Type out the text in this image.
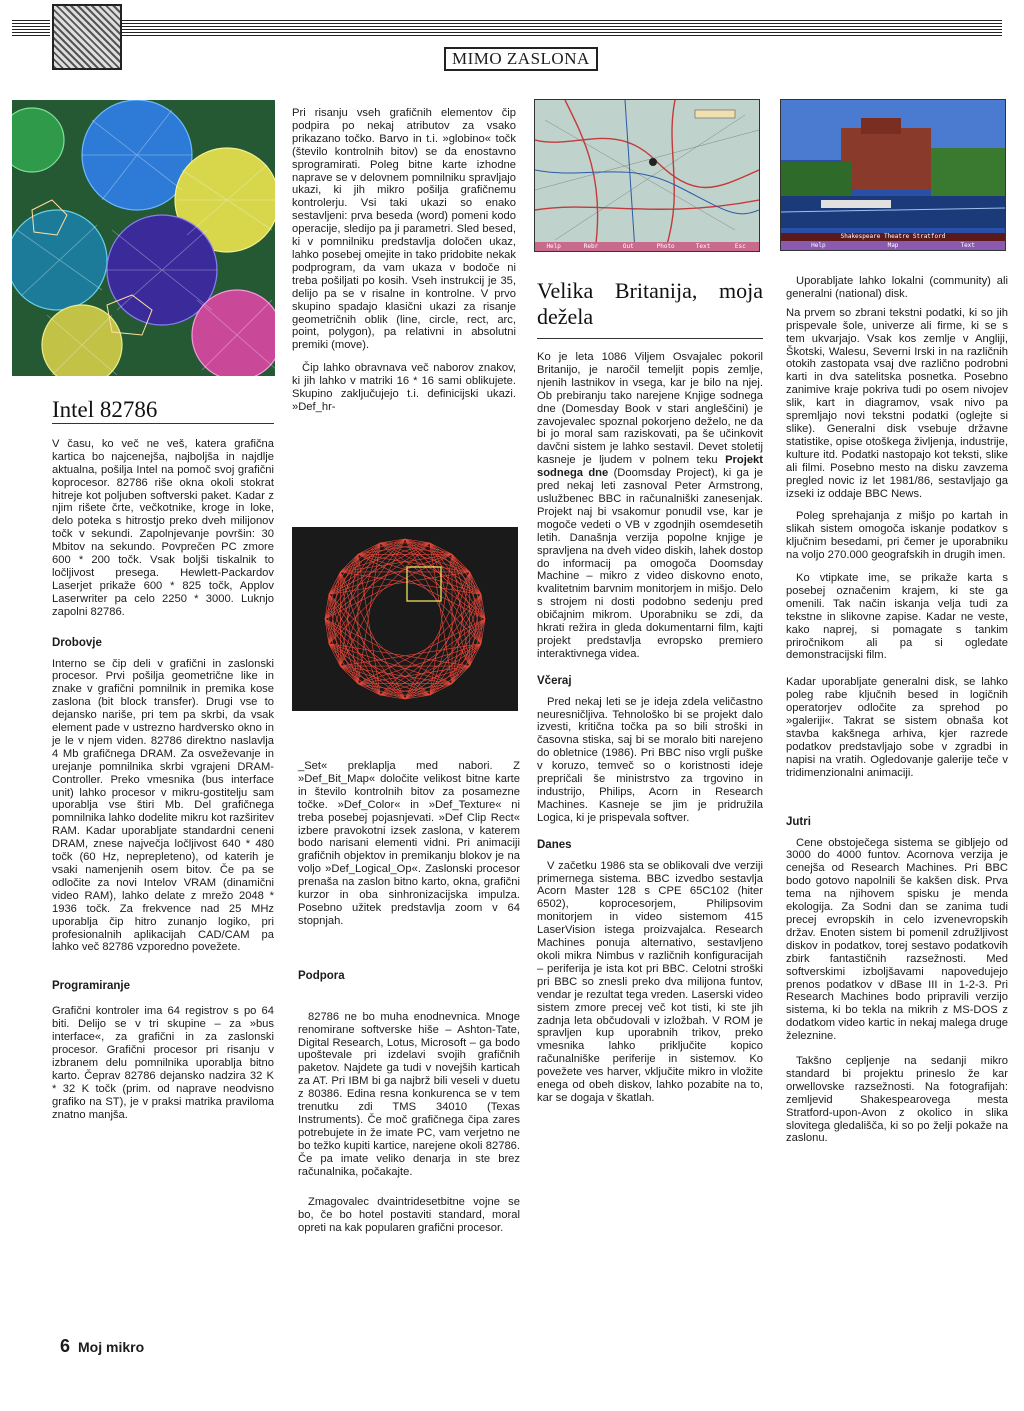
MIMO ZASLONA
Intel 82786

V času, ko več ne veš, katera grafična kartica bo najcenejša, najboljša in najdlje aktualna, pošilja Intel na pomoč svoj grafični koprocesor. 82786 riše okna okoli stokrat hitreje kot poljuben softverski paket. Kadar z njim rišete črte, večkotnike, kroge in loke, delo poteka s hitrostjo preko dveh milijonov točk v sekundi. Zapolnjevanje površin: 30 Mbitov na sekundo. Povprečen PC zmore 600 * 200 točk. Vsak boljši tiskalnik to ločljivost presega. Hewlett-Packardov Laserjet prikaže 600 * 825 točk, Applov Laserwriter pa celo 2250 * 3000. Luknjo zapolni 82786.

Drobovje

Interno se čip deli v grafični in zaslonski procesor. Prvi pošilja geometrične like in znake v grafični pomnilnik in premika kose zaslona (bit block transfer). Drugi vse to dejansko nariše, pri tem pa skrbi, da vsak element pade v ustrezno hardversko okno in je le v njem viden. 82786 direktno naslavlja 4 Mb grafičnega DRAM. Za osveževanje in urejanje pomnilnika skrbi vgrajeni DRAM-Controller. Preko vmesnika (bus interface unit) lahko procesor v mikru-gostitelju sam uporablja vse štiri Mb. Del grafičnega pomnilnika lahko dodelite mikru kot razširitev RAM. Kadar uporabljate standardni ceneni DRAM, znese največja ločljivost 640 * 480 točk (60 Hz, neprepleteno), od katerih je vsaki namenjenih osem bitov. Če pa se odločite za novi Intelov VRAM (dinamični video RAM), lahko delate z mrežo 2048 * 1936 točk. Za frekvence nad 25 MHz uporablja čip hitro zunanjo logiko, pri profesionalnih aplikacijah CAD/CAM pa lahko več 82786 vzporedno povežete.

Programiranje

Grafični kontroler ima 64 registrov s po 64 biti. Delijo se v tri skupine – za »bus interface«, za grafični in za zaslonski procesor. Grafični procesor pri risanju v izbranem delu pomnilnika uporablja bitno karto. Čeprav 82786 dejansko nadzira 32 K * 32 K točk (prim. od naprave neodvisno grafiko na ST), je v praksi matrika praviloma znatno manjša.

Pri risanju vseh grafičnih elementov čip podpira po nekaj atributov za vsako prikazano točko. Barvo in t.i. »globino« točk (število kontrolnih bitov) se da enostavno sprogramirati. Poleg bitne karte izhodne naprave se v delovnem pomnilniku spravljajo ukazi, ki jih mikro pošilja grafičnemu kontrolerju. Vsi taki ukazi so enako sestavljeni: prva beseda (word) pomeni kodo operacije, sledijo pa ji parametri. Sled besed, ki v pomnilniku predstavlja določen ukaz, lahko posebej omejite in tako pridobite nekak podprogram, da vam ukaza v bodoče ni treba pošiljati po kosih. Vseh instrukcij je 35, delijo pa se v risalne in kontrolne. V prvo skupino spadajo klasični ukazi za risanje geometričnih oblik (line, circle, rect, arc, point, polygon), pa relativni in absolutni premiki (move).

Čip lahko obravnava več naborov znakov, ki jih lahko v matriki 16 * 16 sami oblikujete. Skupino zaključujejo t.i. definicijski ukazi. »Def_hr-

_Set« preklaplja med nabori. Z »Def_Bit_Map« določite velikost bitne karte in število kontrolnih bitov za posamezne točke. »Def_Color« in »Def_Texture« ni treba posebej pojasnjevati. »Def Clip Rect« izbere pravokotni izsek zaslona, v katerem bodo narisani elementi vidni. Pri animaciji grafičnih objektov in premikanju blokov je na voljo »Def_Logical_Op«. Zaslonski procesor prenaša na zaslon bitno karto, okna, grafični kurzor in oba sinhronizacijska impulza. Posebno užitek predstavlja zoom v 64 stopnjah.

Podpora

82786 ne bo muha enodnevnica. Mnoge renomirane softverske hiše – Ashton-Tate, Digital Research, Lotus, Microsoft – ga bodo upoštevale pri izdelavi svojih grafičnih paketov. Najdete ga tudi v novejših karticah za AT. Pri IBM bi ga najbrž bili veseli v duetu z 80386. Edina resna konkurenca se v tem trenutku zdi TMS 34010 (Texas Instruments). Če moč grafičnega čipa zares potrebujete in že imate PC, vam verjetno ne bo težko kupiti kartice, narejene okoli 82786. Če pa imate veliko denarja in ste brez računalnika, počakajte.

Zmagovalec dvaintridesetbitne vojne se bo, če bo hotel postaviti standard, moral opreti na kak popularen grafični procesor.

Help	Rebr	Out	Photo	Text	Esc
Shakespeare Theatre Stratford
Help	Map	Text
Velika Britanija, moja dežela

Ko je leta 1086 Viljem Osvajalec pokoril Britanijo, je naročil temeljit popis zemlje, njenih lastnikov in vsega, kar je bilo na njej. Ob prebiranju tako narejene Knjige sodnega dne (Domesday Book v stari angleščini) je zavojevalec spoznal pokorjeno deželo, ne da bi jo moral sam raziskovati, pa še učinkovit davčni sistem je lahko sestavil. Devet stoletij kasneje je ljudem v polnem teku Projekt sodnega dne (Doomsday Project), ki ga je pred nekaj leti zasnoval Peter Armstrong, uslužbenec BBC in računalniški zanesenjak. Projekt naj bi vsakomur ponudil vse, kar je mogoče vedeti o VB v zgodnjih osemdesetih letih. Današnja verzija popolne knjige je spravljena na dveh video diskih, lahek dostop do informacij pa omogoča Doomsday Machine – mikro z video diskovno enoto, kvalitetnim barvnim monitorjem in mišjo. Delo s strojem ni dosti podobno sedenju pred običajnim mikrom. Uporabniku se zdi, da hkrati režira in gleda dokumentarni film, kajti projekt predstavlja evropsko premiero interaktivnega videa.

Včeraj

Pred nekaj leti se je ideja zdela veličastno neuresničljiva. Tehnološko bi se projekt dalo izvesti, kritična točka pa so bili stroški in časovna stiska, saj bi se moralo biti narejeno do obletnice (1986). Pri BBC niso vrgli puške v koruzo, temveč so o koristnosti ideje prepričali še ministrstvo za trgovino in industrijo, Philips, Acorn in Research Machines. Kasneje se jim je pridružila Logica, ki je prispevala softver.

Danes

V začetku 1986 sta se oblikovali dve verziji primernega sistema. BBC izvedbo sestavlja Acorn Master 128 s CPE 65C102 (hiter 6502), koprocesorjem, Philipsovim monitorjem in video sistemom 415 LaserVision istega proizvajalca. Research Machines ponuja alternativo, sestavljeno okoli mikra Nimbus v različnih konfiguracijah – periferija je ista kot pri BBC. Celotni stroški pri BBC so znesli preko dva milijona funtov, vendar je rezultat tega vreden. Laserski video sistem zmore precej več kot tisti, ki ste jih zadnja leta občudovali v izložbah. V ROM je spravljen kup uporabnih trikov, preko vmesnika lahko priključite kopico računalniške periferije in sistemov. Ko povežete ves harver, vključite mikro in vložite enega od obeh diskov, lahko pozabite na to, kar se dogaja v škatlah.

Uporabljate lahko lokalni (community) ali generalni (national) disk.

Na prvem so zbrani tekstni podatki, ki so jih prispevale šole, univerze ali firme, ki se s tem ukvarjajo. Vsak kos zemlje v Angliji, Škotski, Walesu, Severni Irski in na različnih otokih zastopata vsaj dve različno podrobni karti in dva satelitska posnetka. Posebno zanimive kraje pokriva tudi po osem nivojev slik, kart in diagramov, vsak nivo pa spremljajo novi tekstni podatki (oglejte si slike). Generalni disk vsebuje državne statistike, opise otoškega življenja, industrije, kulture itd. Podatki nastopajo kot teksti, slike ali filmi. Posebno mesto na disku zavzema pregled novic iz let 1981/86, sestavljajo ga izseki iz oddaje BBC News.

Poleg sprehajanja z mišjo po kartah in slikah sistem omogoča iskanje podatkov s ključnim besedami, pri čemer je uporabniku na voljo 270.000 geografskih in drugih imen.

Ko vtipkate ime, se prikaže karta s posebej označenim krajem, ki ste ga omenili. Tak način iskanja velja tudi za tekstne in slikovne zapise. Kadar ne veste, kako naprej, si pomagate s tankim priročnikom ali pa si ogledate demonstracijski film.

Kadar uporabljate generalni disk, se lahko poleg rabe ključnih besed in logičnih operatorjev odločite za sprehod po »galeriji«. Takrat se sistem obnaša kot stavba kakšnega arhiva, kjer razrede podatkov predstavljajo sobe v zgradbi in napisi na vratih. Ogledovanje galerije teče v tridimenzionalni animaciji.

Jutri

Cene obstoječega sistema se gibljejo od 3000 do 4000 funtov. Acornova verzija je cenejša od Research Machines. Pri BBC bodo gotovo napolnili še kakšen disk. Prva tema na njihovem spisku je menda ekologija. Za Sodni dan se zanima tudi precej evropskih in celo izvenevropskih držav. Enoten sistem bi pomenil združljivost diskov in podatkov, torej sestavo podatkovih zbirk fantastičnih razsežnosti. Med softverskimi izboljšavami napovedujejo prenos podatkov v dBase III in 1-2-3. Pri Research Machines bodo pripravili verzijo sistema, ki bo tekla na mikrih z MS-DOS z dodatkom video kartic in nekaj malega druge železnine.

Takšno cepljenje na sedanji mikro standard bi projektu prineslo že kar orwellovske razsežnosti. Na fotografijah: zemljevid Shakespearovega mesta Stratford-upon-Avon z okolico in slika slovitega gledališča, ki so po želji pokaže na zaslonu.

6 Moj mikro
